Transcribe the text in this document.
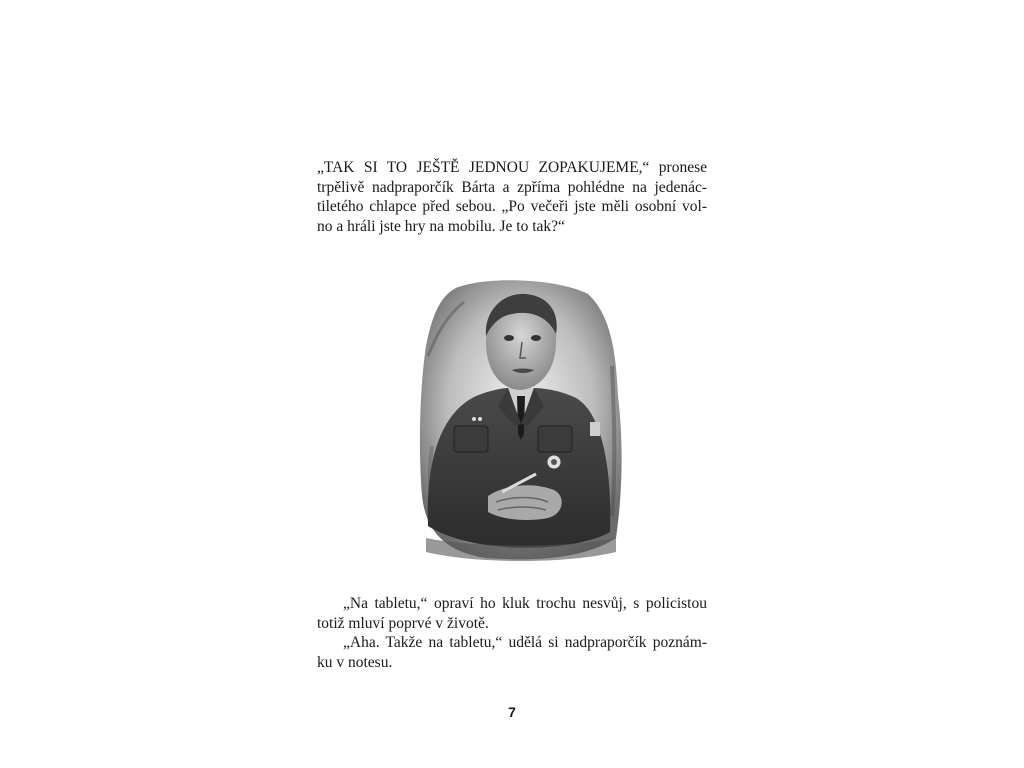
„TAK SI TO JEŠTĚ JEDNOU ZOPAKUJEME,“ pronese
trpělivě nadpraporčík Bárta a zpříma pohlédne na jedenác-
tiletého chlapce před sebou. „Po večeři jste měli osobní vol-
no a hráli jste hry na mobilu. Je to tak?“
„Na tabletu,“ opraví ho kluk trochu nesvůj, s policistou
totiž mluví poprvé v životě.
„Aha. Takže na tabletu,“ udělá si nadpraporčík poznám-
ku v notesu.
7
